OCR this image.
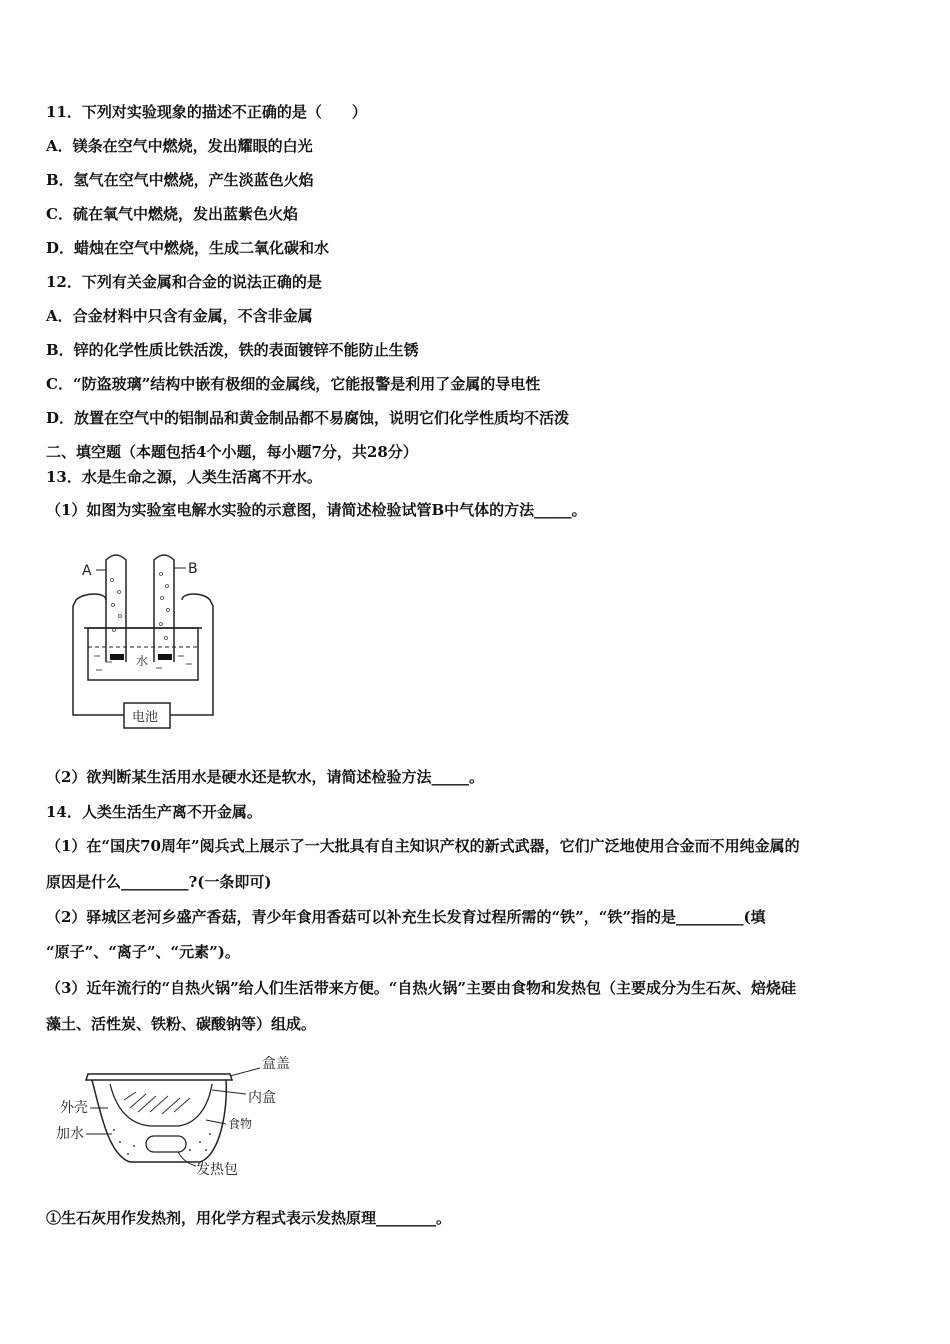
11．下列对实验现象的描述不正确的是（　　）
A．镁条在空气中燃烧，发出耀眼的白光
B．氢气在空气中燃烧，产生淡蓝色火焰
C．硫在氧气中燃烧，发出蓝紫色火焰
D．蜡烛在空气中燃烧，生成二氧化碳和水
12．下列有关金属和合金的说法正确的是
A．合金材料中只含有金属，不含非金属
B．锌的化学性质比铁活泼，铁的表面镀锌不能防止生锈
C．“防盗玻璃”结构中嵌有极细的金属线，它能报警是利用了金属的导电性
D．放置在空气中的铝制品和黄金制品都不易腐蚀，说明它们化学性质均不活泼
二、填空题（本题包括4个小题，每小题7分，共28分）
13．水是生命之源，人类生活离不开水。
（1）如图为实验室电解水实验的示意图，请简述检验试管B中气体的方法_____。
A	B
水
电池
（2）欲判断某生活用水是硬水还是软水，请简述检验方法_____。
14．人类生活生产离不开金属。
（1）在“国庆70周年”阅兵式上展示了一大批具有自主知识产权的新式武器，它们广泛地使用合金而不用纯金属的
原因是什么_________?(一条即可)
（2）驿城区老河乡盛产香菇，青少年食用香菇可以补充生长发育过程所需的“铁”，“铁”指的是_________(填
“原子”、“离子”、“元素”)。
（3）近年流行的“自热火锅”给人们生活带来方便。“自热火锅”主要由食物和发热包（主要成分为生石灰、焙烧硅
藻土、活性炭、铁粉、碳酸钠等）组成。
盒盖
内盒
外壳
食物
加水
发热包
①生石灰用作发热剂，用化学方程式表示发热原理________。
